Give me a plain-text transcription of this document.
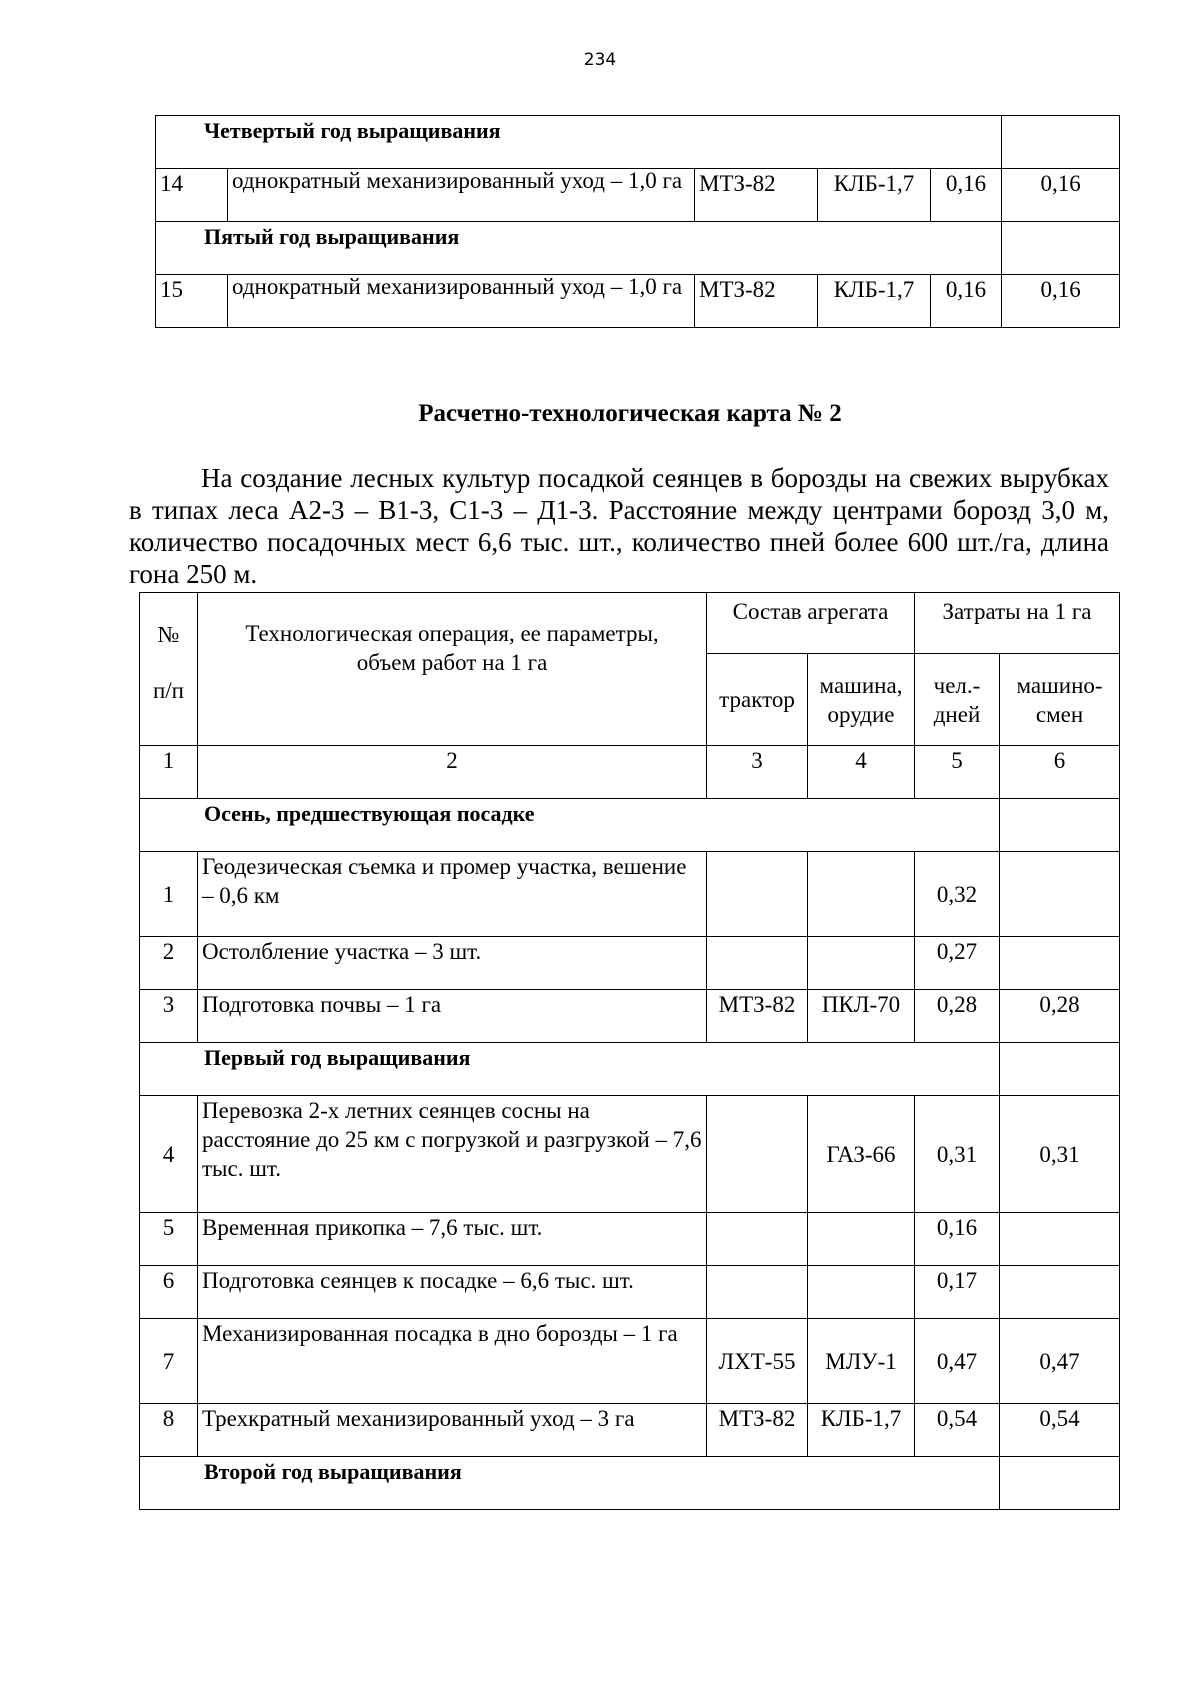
234
Четвертый год выращивания					
14	однократный механизированный уход – 1,0 га	МТЗ-82	КЛБ-1,7	0,16	0,16
Пятый год выращивания					
15	однократный механизированный уход – 1,0 га	МТЗ-82	КЛБ-1,7	0,16	0,16
Расчетно-технологическая карта № 2

На создание лесных культур посадкой сеянцев в борозды на свежих вырубках в типах леса А2-3 – В1-3, С1-3 – Д1-3. Расстояние между центрами борозд 3,0 м, количество посадочных мест 6,6 тыс. шт., количество пней более 600 шт./га, длина гона 250 м.

№
п/п	Технологическая операция, ее параметры, объем работ на 1 га	Состав агрегата		Затраты на 1 га	
		трактор	машина, орудие	чел.-дней	машино-смен
1	2	3	4	5	6
Осень, предшествующая посадке					
1	Геодезическая съемка и промер участка, вешение – 0,6 км			0,32	
2	Остолбление участка – 3 шт.			0,27	
3	Подготовка почвы – 1 га	МТЗ-82	ПКЛ-70	0,28	0,28
Первый год выращивания					
4	Перевозка 2-х летних сеянцев сосны на расстояние до 25 км с погрузкой и разгрузкой – 7,6 тыс. шт.		ГАЗ-66	0,31	0,31
5	Временная прикопка – 7,6 тыс. шт.			0,16	
6	Подготовка сеянцев к посадке – 6,6 тыс. шт.			0,17	
7	Механизированная посадка в дно борозды – 1 га	ЛХТ-55	МЛУ-1	0,47	0,47
8	Трехкратный механизированный уход – 3 га	МТЗ-82	КЛБ-1,7	0,54	0,54
Второй год выращивания					
